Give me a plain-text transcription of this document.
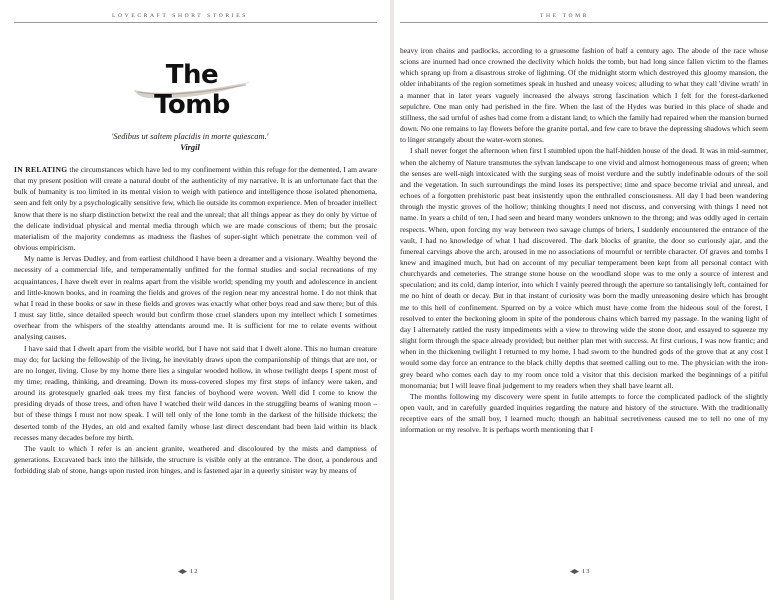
LOVECRAFT SHORT STORIES
The Tomb
'Sedibus ut saltem placidis in morte quiescam.'
Virgil

IN RELATING the circumstances which have led to my confinement within this refuge for the demented, I am aware that my present position will create a natural doubt of the authenticity of my narrative. It is an unfortunate fact that the bulk of humanity is too limited in its mental vision to weigh with patience and intelligence those isolated phenomena, seen and felt only by a psychologically sensitive few, which lie outside its common experience. Men of broader intellect know that there is no sharp distinction betwixt the real and the unreal; that all things appear as they do only by virtue of the delicate individual physical and mental media through which we are made conscious of them; but the prosaic materialism of the majority condemns as madness the flashes of super-sight which penetrate the common veil of obvious empiricism.

My name is Jervas Dudley, and from earliest childhood I have been a dreamer and a visionary. Wealthy beyond the necessity of a commercial life, and temperamentally unfitted for the formal studies and social recreations of my acquaintances, I have dwelt ever in realms apart from the visible world; spending my youth and adolescence in ancient and little-known books, and in roaming the fields and groves of the region near my ancestral home. I do not think that what I read in these books or saw in these fields and groves was exactly what other boys read and saw there; but of this I must say little, since detailed speech would but confirm those cruel slanders upon my intellect which I sometimes overhear from the whispers of the stealthy attendants around me. It is sufficient for me to relate events without analysing causes.

I have said that I dwelt apart from the visible world, but I have not said that I dwelt alone. This no human creature may do; for lacking the fellowship of the living, he inevitably draws upon the companionship of things that are not, or are no longer, living. Close by my home there lies a singular wooded hollow, in whose twilight deeps I spent most of my time; reading, thinking, and dreaming. Down its moss-covered slopes my first steps of infancy were taken, and around its grotesquely gnarled oak trees my first fancies of boyhood were woven. Well did I come to know the presiding dryads of those trees, and often have I watched their wild dances in the struggling beams of waning moon – but of these things I must not now speak. I will tell only of the lone tomb in the darkest of the hillside thickets; the deserted tomb of the Hydes, an old and exalted family whose last direct descendant had been laid within its black recesses many decades before my birth.

The vault to which I refer is an ancient granite, weathered and discoloured by the mists and dampness of generations. Excavated back into the hillside, the structure is visible only at the entrance. The door, a ponderous and forbidding slab of stone, hangs upon rusted iron hinges, and is fastened ajar in a queerly sinister way by means of

12
THE TOMB

heavy iron chains and padlocks, according to a gruesome fashion of half a century ago. The abode of the race whose scions are inurned had once crowned the declivity which holds the tomb, but had long since fallen victim to the flames which sprang up from a disastrous stroke of lightning. Of the midnight storm which destroyed this gloomy mansion, the older inhabitants of the region sometimes speak in hushed and uneasy voices; alluding to what they call 'divine wrath' in a manner that in later years vaguely increased the always strong fascination which I felt for the forest-darkened sepulchre. One man only had perished in the fire. When the last of the Hydes was buried in this place of shade and stillness, the sad urnful of ashes had come from a distant land; to which the family had repaired when the mansion burned down. No one remains to lay flowers before the granite portal, and few care to brave the depressing shadows which seem to linger strangely about the water-worn stones.

I shall never forget the afternoon when first I stumbled upon the half-hidden house of the dead. It was in mid-summer, when the alchemy of Nature transmutes the sylvan landscape to one vivid and almost homogeneous mass of green; when the senses are well-nigh intoxicated with the surging seas of moist verdure and the subtly indefinable odours of the soil and the vegetation. In such surroundings the mind loses its perspective; time and space become trivial and unreal, and echoes of a forgotten prehistoric past beat insistently upon the enthralled consciousness. All day I had been wandering through the mystic groves of the hollow; thinking thoughts I need not discuss, and conversing with things I need not name. In years a child of ten, I had seen and heard many wonders unknown to the throng; and was oddly aged in certain respects. When, upon forcing my way between two savage clumps of briers, I suddenly encountered the entrance of the vault, I had no knowledge of what I had discovered. The dark blocks of granite, the door so curiously ajar, and the funereal carvings above the arch, aroused in me no associations of mournful or terrible character. Of graves and tombs I knew and imagined much, but had on account of my peculiar temperament been kept from all personal contact with churchyards and cemeteries. The strange stone house on the woodland slope was to me only a source of interest and speculation; and its cold, damp interior, into which I vainly peered through the aperture so tantalisingly left, contained for me no hint of death or decay. But in that instant of curiosity was born the madly unreasoning desire which has brought me to this hell of confinement. Spurred on by a voice which must have come from the hideous soul of the forest, I resolved to enter the beckoning gloom in spite of the ponderous chains which barred my passage. In the waning light of day I alternately rattled the rusty impediments with a view to throwing wide the stone door, and essayed to squeeze my slight form through the space already provided; but neither plan met with success. At first curious, I was now frantic; and when in the thickening twilight I returned to my home, I had sworn to the hundred gods of the grove that at any cost I would some day force an entrance to the black chilly depths that seemed calling out to me. The physician with the iron-grey beard who comes each day to my room once told a visitor that this decision marked the beginnings of a pitiful monomania; but I will leave final judgement to my readers when they shall have learnt all.

The months following my discovery were spent in futile attempts to force the complicated padlock of the slightly open vault, and in carefully guarded inquiries regarding the nature and history of the structure. With the traditionally receptive ears of the small boy, I learned much; though an habitual secretiveness caused me to tell no one of my information or my resolve. It is perhaps worth mentioning that I

13
